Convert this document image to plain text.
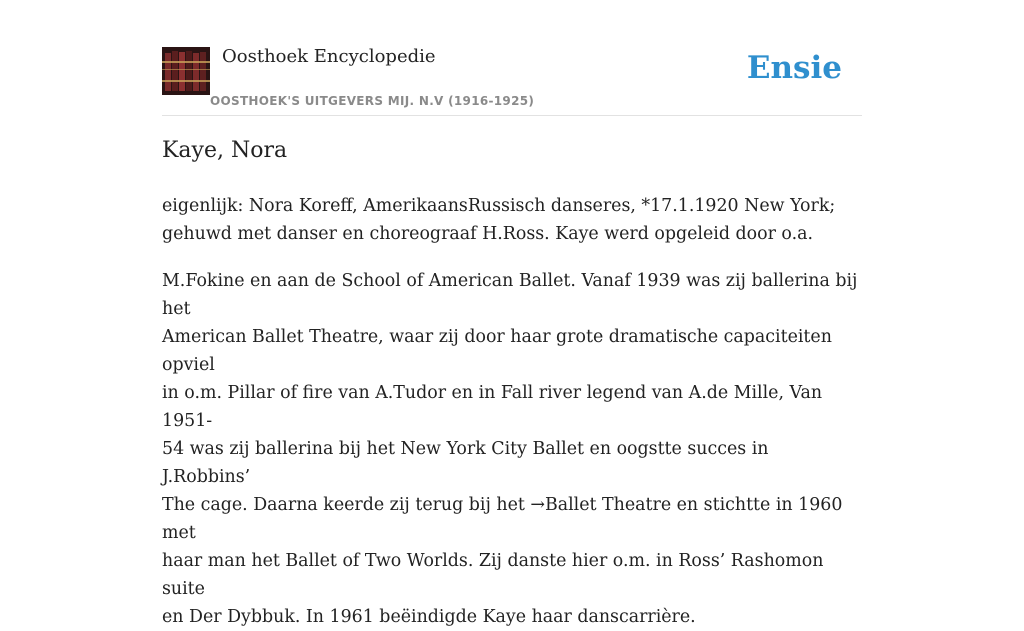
Oosthoek Encyclopedie
OOSTHOEK'S UITGEVERS MIJ. N.V (1916-1925)
Ensie
Kaye, Nora

eigenlijk: Nora Koreff, AmerikaansRussisch danseres, *17.1.1920 New York;
gehuwd met danser en choreograaf H.Ross. Kaye werd opgeleid door o.a.

M.Fokine en aan de School of American Ballet. Vanaf 1939 was zij ballerina bij het
American Ballet Theatre, waar zij door haar grote dramatische capaciteiten opviel
in o.m. Pillar of fire van A.Tudor en in Fall river legend van A.de Mille, Van 1951-
54 was zij ballerina bij het New York City Ballet en oogstte succes in J.Robbins’
The cage. Daarna keerde zij terug bij het →Ballet Theatre en stichtte in 1960 met
haar man het Ballet of Two Worlds. Zij danste hier o.m. in Ross’ Rashomon suite
en Der Dybbuk. In 1961 beëindigde Kaye haar danscarrière.
